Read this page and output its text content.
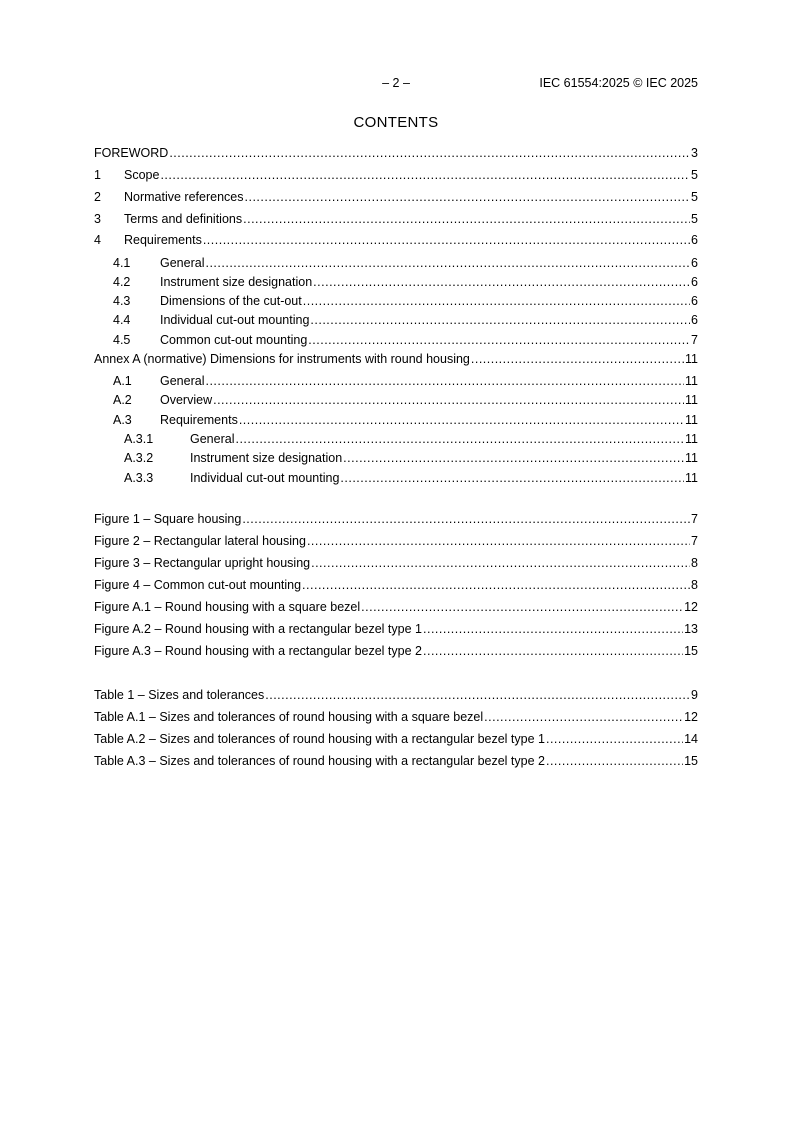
– 2 –	IEC 61554:2025 © IEC 2025
CONTENTS
FOREWORD .....	3
1	Scope .....	5
2	Normative references .....	5
3	Terms and definitions .....	5
4	Requirements .....	6
4.1	General .....	6
4.2	Instrument size designation .....	6
4.3	Dimensions of the cut-out .....	6
4.4	Individual cut-out mounting .....	6
4.5	Common cut-out mounting .....	7
Annex A (normative) Dimensions for instruments with round housing .....	11
A.1	General .....	11
A.2	Overview .....	11
A.3	Requirements .....	11
A.3.1	General .....	11
A.3.2	Instrument size designation .....	11
A.3.3	Individual cut-out mounting .....	11
Figure 1 – Square housing .....	7
Figure 2 – Rectangular lateral housing .....	7
Figure 3 – Rectangular upright housing .....	8
Figure 4 – Common cut-out mounting .....	8
Figure A.1 – Round housing with a square bezel .....	12
Figure A.2 – Round housing with a rectangular bezel type 1 .....	13
Figure A.3 – Round housing with a rectangular bezel type 2 .....	15
Table 1 – Sizes and tolerances .....	9
Table A.1 – Sizes and tolerances of round housing with a square bezel .....	12
Table A.2 – Sizes and tolerances of round housing with a rectangular bezel type 1 .....	14
Table A.3 – Sizes and tolerances of round housing with a rectangular bezel type 2 .....	15
